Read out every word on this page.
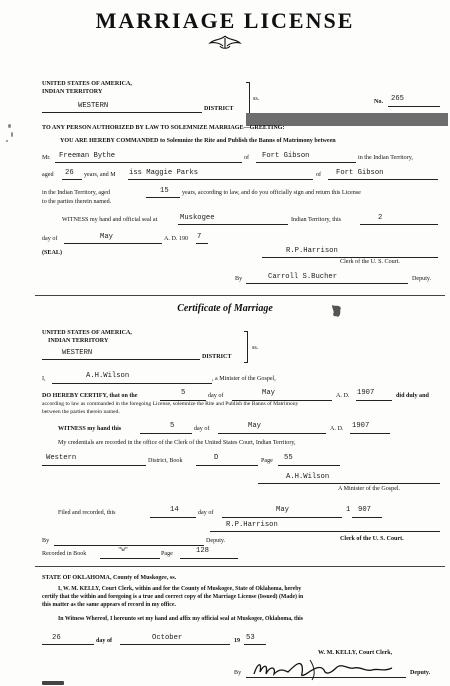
MARRIAGE LICENSE
UNITED STATES OF AMERICA,
INDIAN TERRITORY
WESTERN	DISTRICT
ss.	No. 265
TO ANY PERSON AUTHORIZED BY LAW TO SOLEMNIZE MARRIAGE—GREETING:
YOU ARE HEREBY COMMANDED to Solemnize the Rite and Publish the Banns of Matrimony between
Mr. Freeman Bythe	of Fort Gibson	in the Indian Territory,
aged 26 years, and M iss Maggie Parks	of Fort Gibson
in the Indian Territory, aged	15 years, according to law, and do you officially sign and return this License
to the parties therein named.
WITNESS my hand and official seal at	Muskogee	Indian Territory, this	2
day of	May	A. D. 190 7
(SEAL)	R.P.Harrison
Clerk of the U. S. Court.
By	Carroll S.Bucher	Deputy.
Certificate of Marriage
UNITED STATES OF AMERICA,
INDIAN TERRITORY
WESTERN	DISTRICT
ss.
I,	A.H.Wilson	, a Minister of the Gospel,
DO HEREBY CERTIFY, that on the	5	day of	May	A. D. 1907	did duly and
according to law as commanded in the foregoing License, solemnize the Rite and Publish the Banns of Matrimony
between the parties therein named.
WITNESS my hand this	5	day of	May	A. D. 1907
My credentials are recorded in the office of the Clerk of the United States Court, Indian Territory,
Western	District, Book	D	Page 55
A.H.Wilson
A Minister of the Gospel.
Filed and recorded, this	14	day of	May	1 907
R.P.Harrison
By	Deputy.	Clerk of the U. S. Court.
Recorded in Book
"W"
Page	128
STATE OF OKLAHOMA, County of Muskogee, ss.
I, W. M. KELLY, Court Clerk, within and for the County of Muskogee, State of Oklahoma, hereby
certify that the within and foregoing is a true and correct copy of the Marriage License (Issued) (Made) in
this matter as the same appears of record in my office.
In Witness Whereof, I hereunto set my hand and affix my official seal at Muskogee, Oklahoma, this
26	day of	October	19 53
W. M. KELLY, Court Clerk,
By	Deputy.
